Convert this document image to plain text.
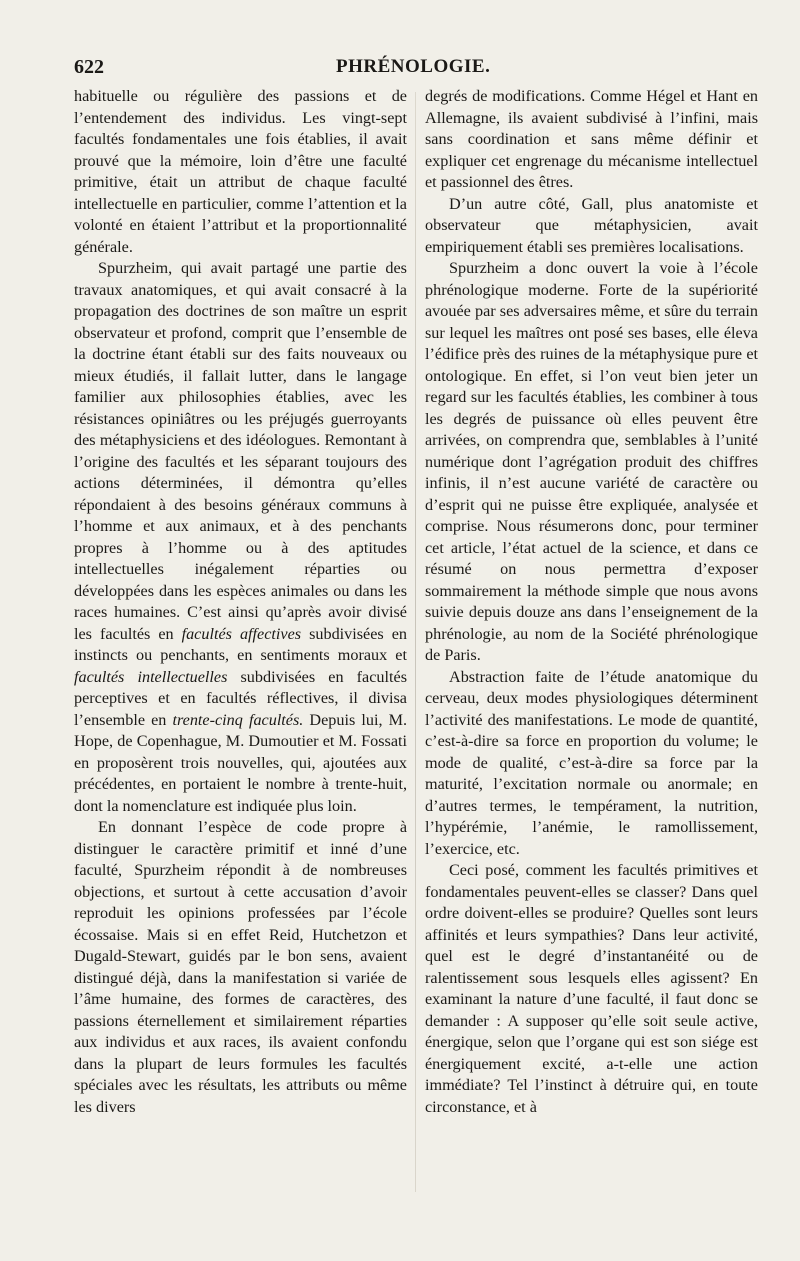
622	PHRÉNOLOGIE.

habituelle ou régulière des passions et de l’entendement des individus. Les vingt-sept facultés fondamentales une fois établies, il avait prouvé que la mémoire, loin d’être une faculté primitive, était un attribut de chaque faculté intellectuelle en particulier, comme l’attention et la volonté en étaient l’attribut et la proportionnalité générale.

Spurzheim, qui avait partagé une partie des travaux anatomiques, et qui avait consacré à la propagation des doctrines de son maître un esprit observateur et profond, comprit que l’ensemble de la doctrine étant établi sur des faits nouveaux ou mieux étudiés, il fallait lutter, dans le langage familier aux philosophies établies, avec les résistances opiniâtres ou les préjugés guerroyants des métaphysiciens et des idéologues. Remontant à l’origine des facultés et les séparant toujours des actions déterminées, il démontra qu’elles répondaient à des besoins généraux communs à l’homme et aux animaux, et à des penchants propres à l’homme ou à des aptitudes intellectuelles inégalement réparties ou développées dans les espèces animales ou dans les races humaines. C’est ainsi qu’après avoir divisé les facultés en facultés affectives subdivisées en instincts ou penchants, en sentiments moraux et facultés intellectuelles subdivisées en facultés perceptives et en facultés réflectives, il divisa l’ensemble en trente-cinq facultés. Depuis lui, M. Hope, de Copenhague, M. Dumoutier et M. Fossati en proposèrent trois nouvelles, qui, ajoutées aux précédentes, en portaient le nombre à trente-huit, dont la nomenclature est indiquée plus loin.

En donnant l’espèce de code propre à distinguer le caractère primitif et inné d’une faculté, Spurzheim répondit à de nombreuses objections, et surtout à cette accusation d’avoir reproduit les opinions professées par l’école écossaise. Mais si en effet Reid, Hutchetzon et Dugald-Stewart, guidés par le bon sens, avaient distingué déjà, dans la manifestation si variée de l’âme humaine, des formes de caractères, des passions éternellement et similairement réparties aux individus et aux races, ils avaient confondu dans la plupart de leurs formules les facultés spéciales avec les résultats, les attributs ou même les divers

degrés de modifications. Comme Hégel et Hant en Allemagne, ils avaient subdivisé à l’infini, mais sans coordination et sans même définir et expliquer cet engrenage du mécanisme intellectuel et passionnel des êtres.

D’un autre côté, Gall, plus anatomiste et observateur que métaphysicien, avait empiriquement établi ses premières localisations.

Spurzheim a donc ouvert la voie à l’école phrénologique moderne. Forte de la supériorité avouée par ses adversaires même, et sûre du terrain sur lequel les maîtres ont posé ses bases, elle éleva l’édifice près des ruines de la métaphysique pure et ontologique. En effet, si l’on veut bien jeter un regard sur les facultés établies, les combiner à tous les degrés de puissance où elles peuvent être arrivées, on comprendra que, semblables à l’unité numérique dont l’agrégation produit des chiffres infinis, il n’est aucune variété de caractère ou d’esprit qui ne puisse être expliquée, analysée et comprise. Nous résumerons donc, pour terminer cet article, l’état actuel de la science, et dans ce résumé on nous permettra d’exposer sommairement la méthode simple que nous avons suivie depuis douze ans dans l’enseignement de la phrénologie, au nom de la Société phrénologique de Paris.

Abstraction faite de l’étude anatomique du cerveau, deux modes physiologiques déterminent l’activité des manifestations. Le mode de quantité, c’est-à-dire sa force en proportion du volume; le mode de qualité, c’est-à-dire sa force par la maturité, l’excitation normale ou anormale; en d’autres termes, le tempérament, la nutrition, l’hypérémie, l’anémie, le ramollissement, l’exercice, etc.

Ceci posé, comment les facultés primitives et fondamentales peuvent-elles se classer? Dans quel ordre doivent-elles se produire? Quelles sont leurs affinités et leurs sympathies? Dans leur activité, quel est le degré d’instantanéité ou de ralentissement sous lesquels elles agissent? En examinant la nature d’une faculté, il faut donc se demander : A supposer qu’elle soit seule active, énergique, selon que l’organe qui est son siége est énergiquement excité, a-t-elle une action immédiate? Tel l’instinct à détruire qui, en toute circonstance, et à
